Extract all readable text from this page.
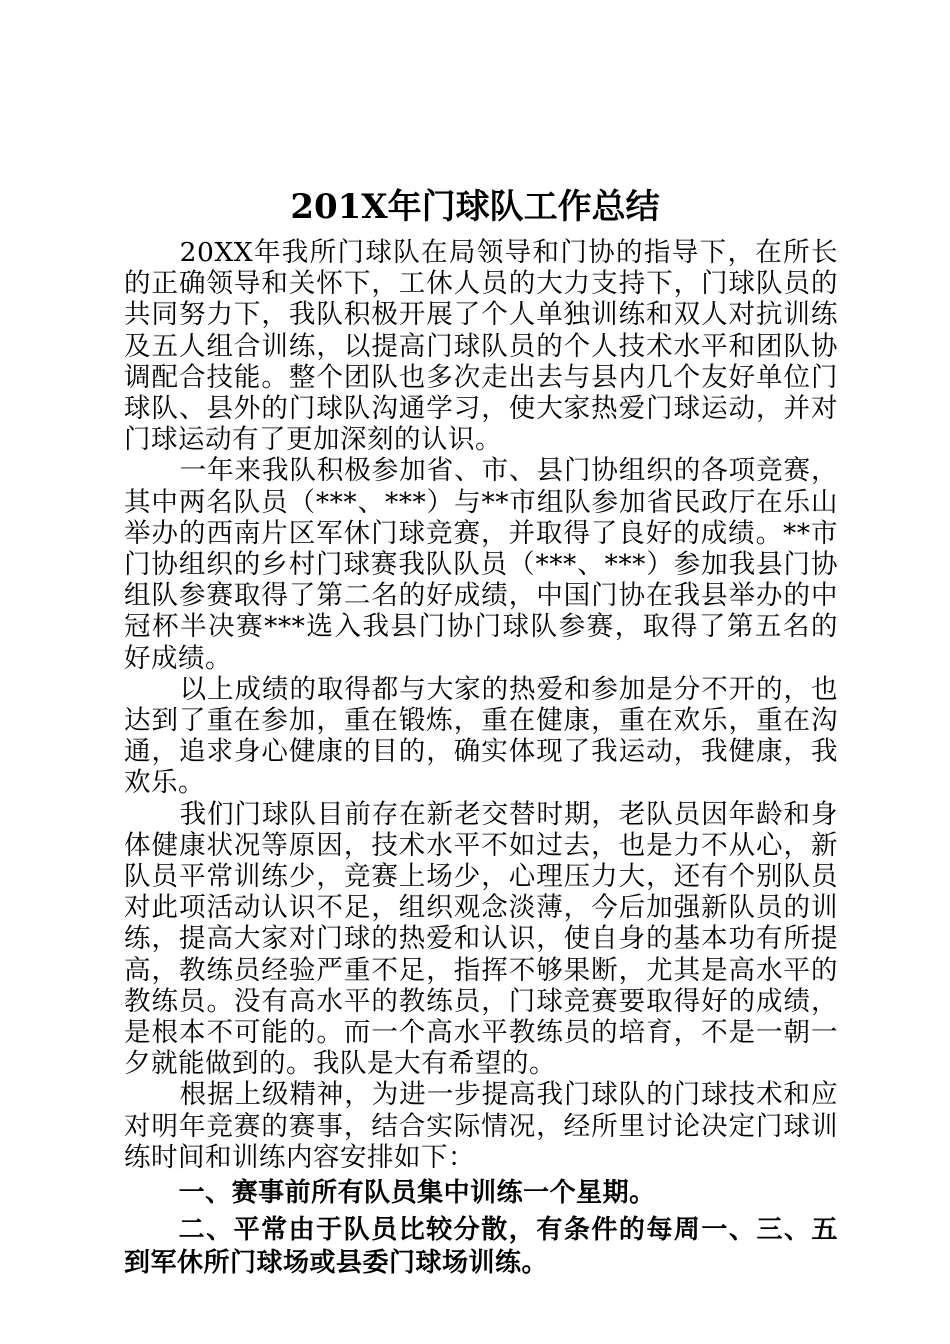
201X年门球队工作总结

20XX年我所门球队在局领导和门协的指导下，在所长的正确领导和关怀下，工休人员的大力支持下，门球队员的共同努力下，我队积极开展了个人单独训练和双人对抗训练及五人组合训练，以提高门球队员的个人技术水平和团队协调配合技能。整个团队也多次走出去与县内几个友好单位门球队、县外的门球队沟通学习，使大家热爱门球运动，并对门球运动有了更加深刻的认识。

一年来我队积极参加省、市、县门协组织的各项竞赛，其中两名队员（***、***）与**市组队参加省民政厅在乐山举办的西南片区军休门球竞赛，并取得了良好的成绩。**市门协组织的乡村门球赛我队队员（***、***）参加我县门协组队参赛取得了第二名的好成绩，中国门协在我县举办的中冠杯半决赛***选入我县门协门球队参赛，取得了第五名的好成绩。

以上成绩的取得都与大家的热爱和参加是分不开的，也达到了重在参加，重在锻炼，重在健康，重在欢乐，重在沟通，追求身心健康的目的，确实体现了我运动，我健康，我欢乐。

我们门球队目前存在新老交替时期，老队员因年龄和身体健康状况等原因，技术水平不如过去，也是力不从心，新队员平常训练少，竞赛上场少，心理压力大，还有个别队员对此项活动认识不足，组织观念淡薄，今后加强新队员的训练，提高大家对门球的热爱和认识，使自身的基本功有所提高，教练员经验严重不足，指挥不够果断，尤其是高水平的教练员。没有高水平的教练员，门球竞赛要取得好的成绩，是根本不可能的。而一个高水平教练员的培育，不是一朝一夕就能做到的。我队是大有希望的。

根据上级精神，为进一步提高我门球队的门球技术和应对明年竞赛的赛事，结合实际情况，经所里讨论决定门球训练时间和训练内容安排如下：

一、赛事前所有队员集中训练一个星期。

二、平常由于队员比较分散，有条件的每周一、三、五到军休所门球场或县委门球场训练。
